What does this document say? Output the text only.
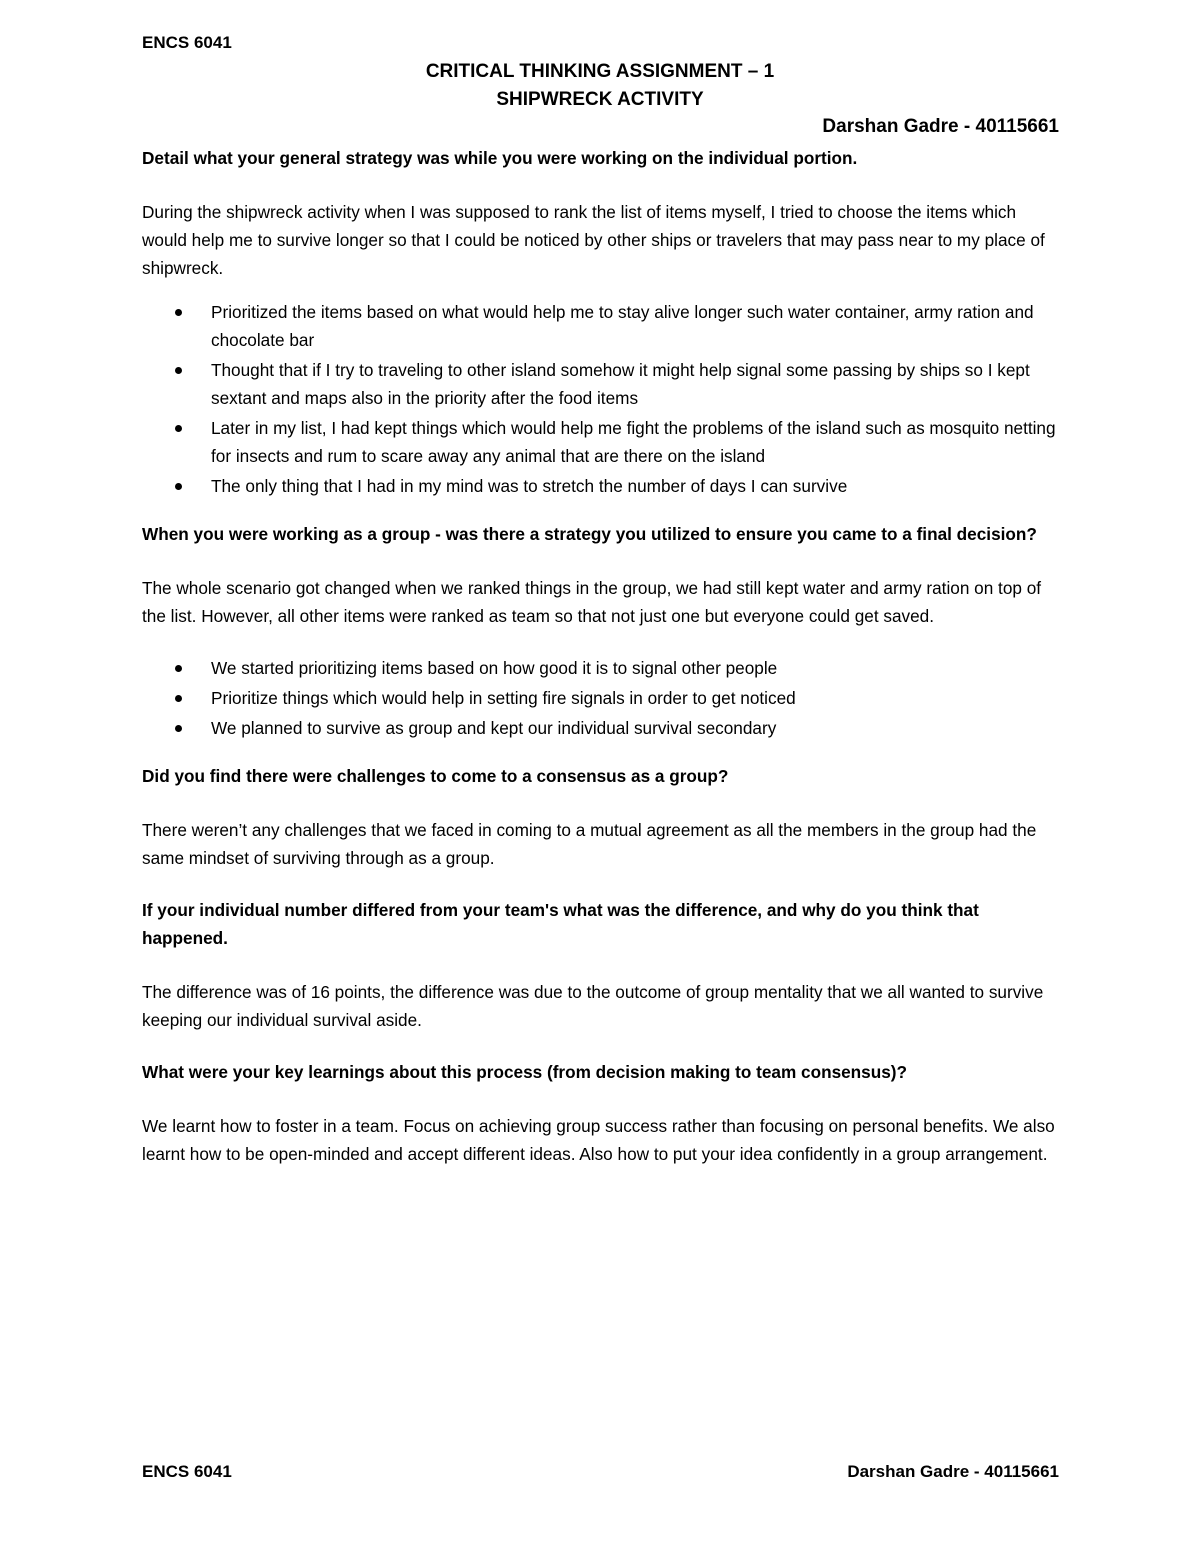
ENCS 6041
CRITICAL THINKING ASSIGNMENT – 1
SHIPWRECK ACTIVITY
Darshan Gadre - 40115661
Detail what your general strategy was while you were working on the individual portion.
During the shipwreck activity when I was supposed to rank the list of items myself, I tried to choose the items which would help me to survive longer so that I could be noticed by other ships or travelers that may pass near to my place of shipwreck.
Prioritized the items based on what would help me to stay alive longer such water container, army ration and chocolate bar
Thought that if I try to traveling to other island somehow it might help signal some passing by ships so I kept sextant and maps also in the priority after the food items
Later in my list, I had kept things which would help me fight the problems of the island such as mosquito netting for insects and rum to scare away any animal that are there on the island
The only thing that I had in my mind was to stretch the number of days I can survive
When you were working as a group - was there a strategy you utilized to ensure you came to a final decision?
The whole scenario got changed when we ranked things in the group, we had still kept water and army ration on top of the list. However, all other items were ranked as team so that not just one but everyone could get saved.
We started prioritizing items based on how good it is to signal other people
Prioritize things which would help in setting fire signals in order to get noticed
We planned to survive as group and kept our individual survival secondary
Did you find there were challenges to come to a consensus as a group?
There weren’t any challenges that we faced in coming to a mutual agreement as all the members in the group had the same mindset of surviving through as a group.
If your individual number differed from your team's what was the difference, and why do you think that happened.
The difference was of 16 points, the difference was due to the outcome of group mentality that we all wanted to survive keeping our individual survival aside.
What were your key learnings about this process (from decision making to team consensus)?
We learnt how to foster in a team. Focus on achieving group success rather than focusing on personal benefits. We also learnt how to be open-minded and accept different ideas. Also how to put your idea confidently in a group arrangement.
ENCS 6041	Darshan Gadre - 40115661
